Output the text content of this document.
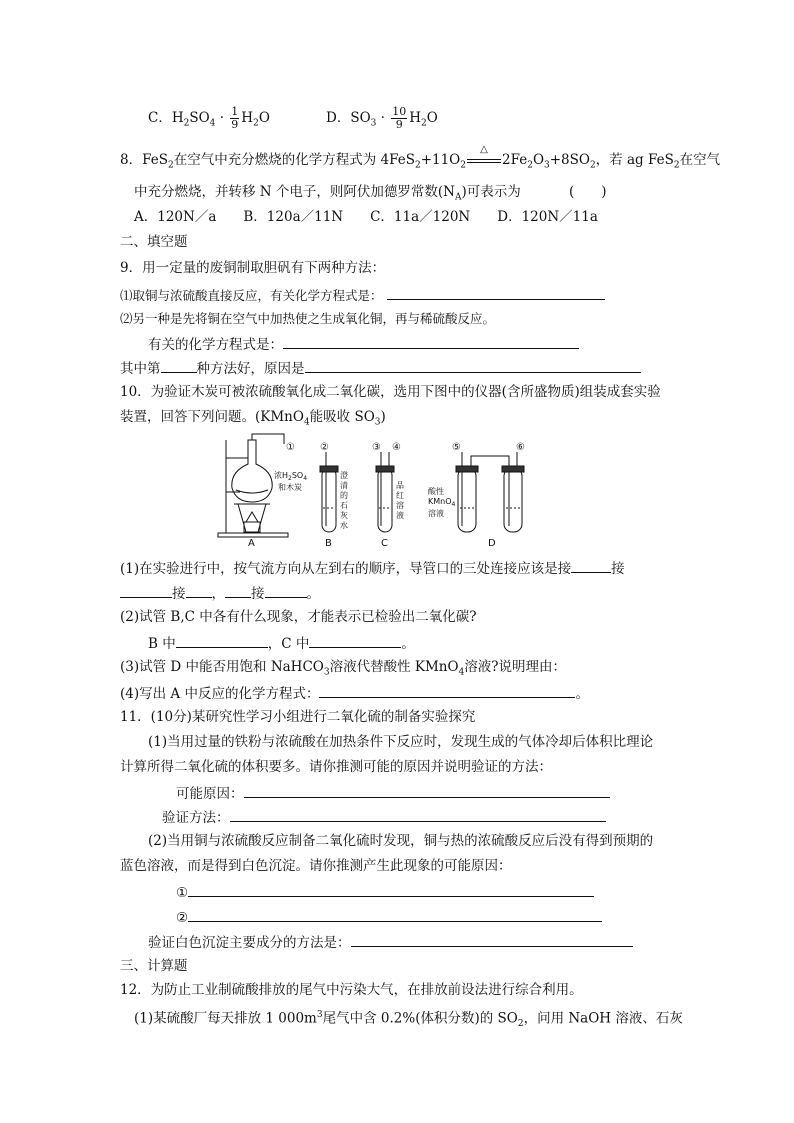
C．$H_2SO_4 \cdot \frac{1}{9} H_2O$	D．$SO_3 \cdot \frac{10}{9} H_2O$
8．FeS$_2$在空气中充分燃烧的化学方程式为 $4FeS_2+11O_2$
△
$2Fe_2O_3+8SO_2$，若 ag FeS$_2$在空气
中充分燃烧，并转移 N 个电子，则阿伏加德罗常数$(N_A)$可表示为	(　　)
A．120N／a　　B．120a／11N　　C．11a／120N　　D．120N／11a
二、填空题
9．用一定量的废铜制取胆矾有下两种方法：
⑴取铜与浓硫酸直接反应，有关化学方程式是：
⑵另一种是先将铜在空气中加热使之生成氧化铜，再与稀硫酸反应。
有关的化学方程式是：
其中第	种方法好，原因是
10．为验证木炭可被浓硫酸氧化成二氧化碳，选用下图中的仪器(含所盛物质)组装成套实验
装置，回答下列问题。(KMnO$_4$能吸收 $SO_3$)
①	②	③ ④	⑤	⑥
浓$H_2SO_4$
和木炭
A	B	C	D
澄
清
的
石
灰
水
品
红
溶
液
酸性
KMnO$_4$
溶液
(1)在实验进行中，按气流方向从左到右的顺序，导管口的三处连接应该是接	接
接 ， 接	。
(2)试管 B,C 中各有什么现象，才能表示已检验出二氧化碳?
B 中	，C 中	。
(3)试管 D 中能否用饱和 NaHCO$_3$溶液代替酸性 KMnO$_4$溶液?说明理由：
(4)写出 A 中反应的化学方程式：	。
11．(10分)某研究性学习小组进行二氧化硫的制备实验探究
(1)当用过量的铁粉与浓硫酸在加热条件下反应时，发现生成的气体冷却后体积比理论
计算所得二氧化硫的体积要多。请你推测可能的原因并说明验证的方法：
可能原因：
验证方法：
(2)当用铜与浓硫酸反应制备二氧化硫时发现，铜与热的浓硫酸反应后没有得到预期的
蓝色溶液，而是得到白色沉淀。请你推测产生此现象的可能原因：
①
②
验证白色沉淀主要成分的方法是：
三、计算题
12．为防止工业制硫酸排放的尾气中污染大气，在排放前设法进行综合利用。
(1)某硫酸厂每天排放 1 $000m^3$尾气中含 0.2%(体积分数)的 $SO_2$，问用 NaOH 溶液、石灰
